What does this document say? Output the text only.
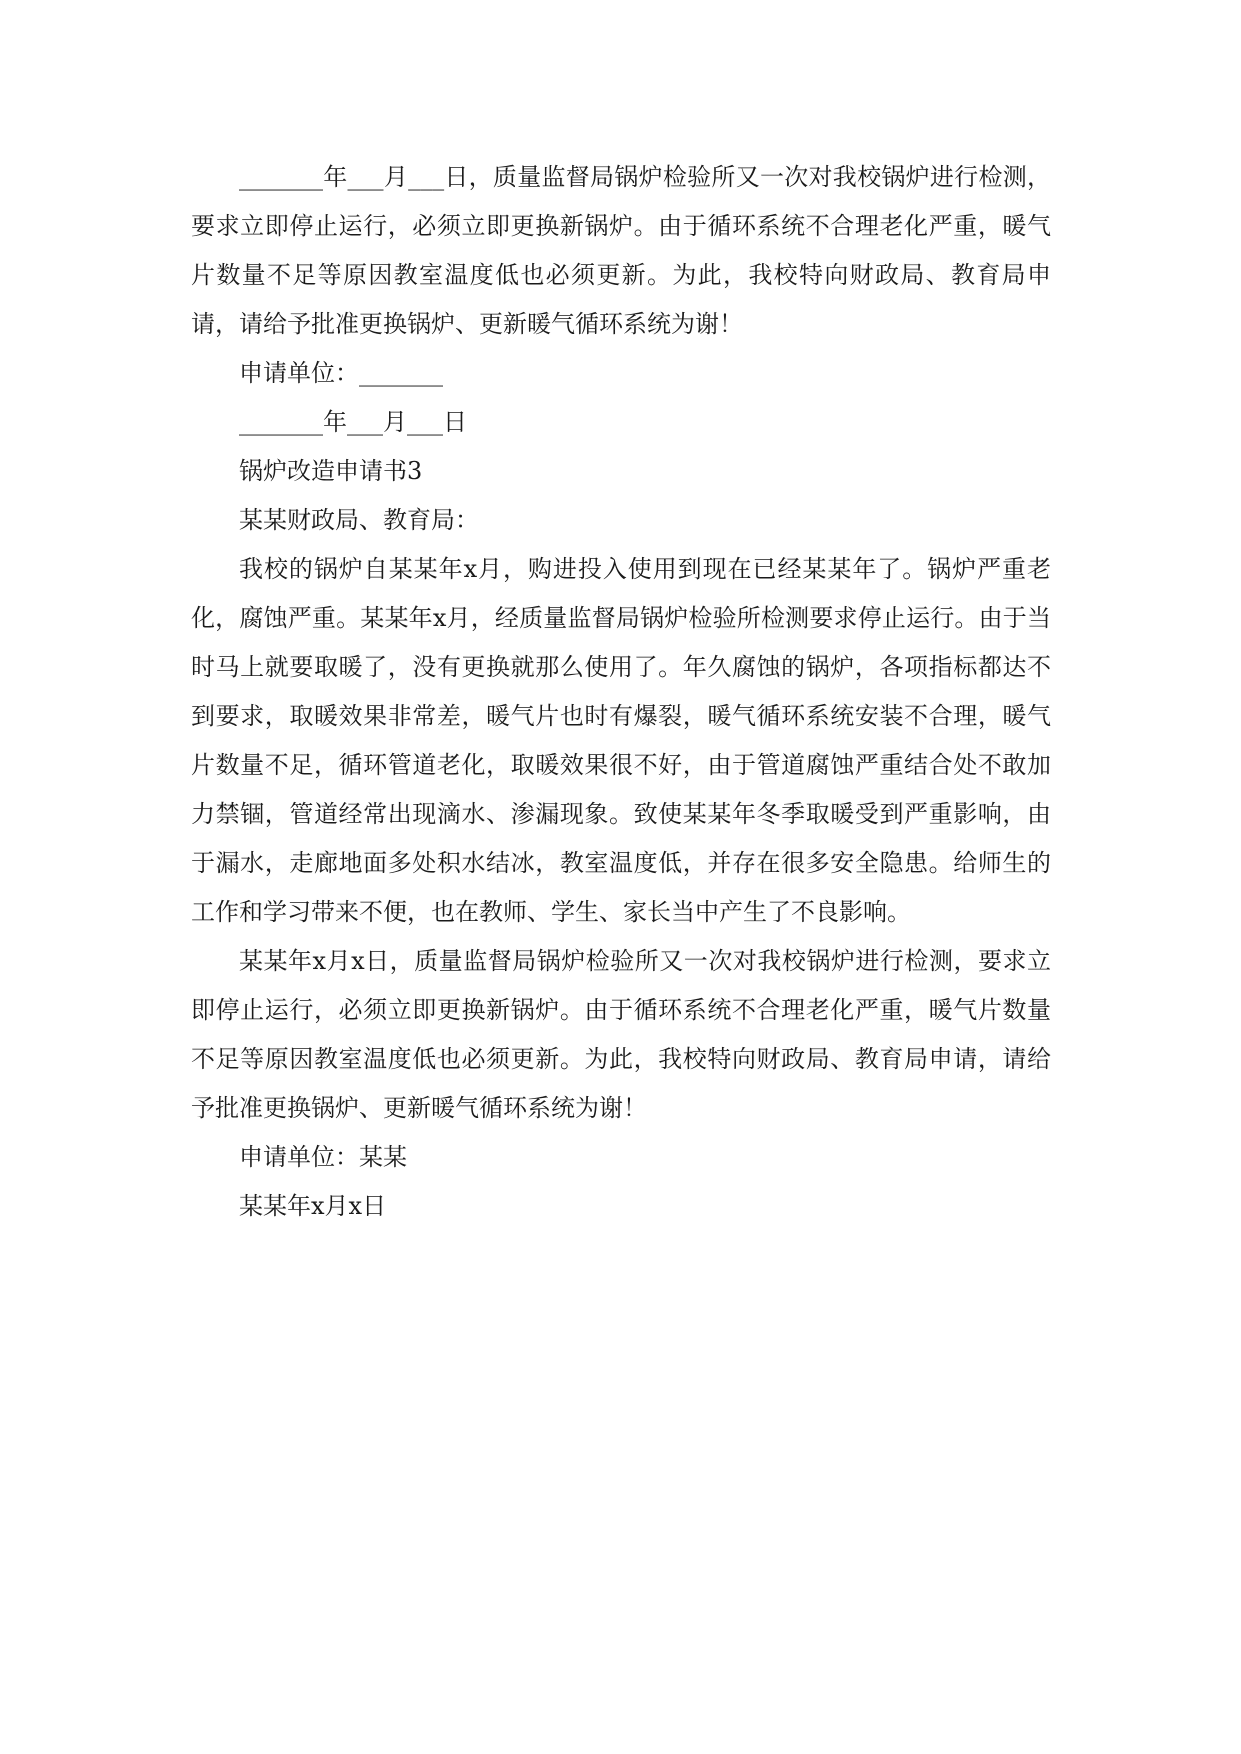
_______年___月___日，质量监督局锅炉检验所又一次对我校锅炉进行检测，要求立即停止运行，必须立即更换新锅炉。由于循环系统不合理老化严重，暖气片数量不足等原因教室温度低也必须更新。为此，我校特向财政局、教育局申请，请给予批准更换锅炉、更新暖气循环系统为谢！

申请单位：_______

_______年___月___日

锅炉改造申请书3

某某财政局、教育局：

我校的锅炉自某某年x月，购进投入使用到现在已经某某年了。锅炉严重老化，腐蚀严重。某某年x月，经质量监督局锅炉检验所检测要求停止运行。由于当时马上就要取暖了，没有更换就那么使用了。年久腐蚀的锅炉，各项指标都达不到要求，取暖效果非常差，暖气片也时有爆裂，暖气循环系统安装不合理，暖气片数量不足，循环管道老化，取暖效果很不好，由于管道腐蚀严重结合处不敢加力禁锢，管道经常出现滴水、渗漏现象。致使某某年冬季取暖受到严重影响，由于漏水，走廊地面多处积水结冰，教室温度低，并存在很多安全隐患。给师生的工作和学习带来不便，也在教师、学生、家长当中产生了不良影响。

某某年x月x日，质量监督局锅炉检验所又一次对我校锅炉进行检测，要求立即停止运行，必须立即更换新锅炉。由于循环系统不合理老化严重，暖气片数量不足等原因教室温度低也必须更新。为此，我校特向财政局、教育局申请，请给予批准更换锅炉、更新暖气循环系统为谢！

申请单位：某某

某某年x月x日
